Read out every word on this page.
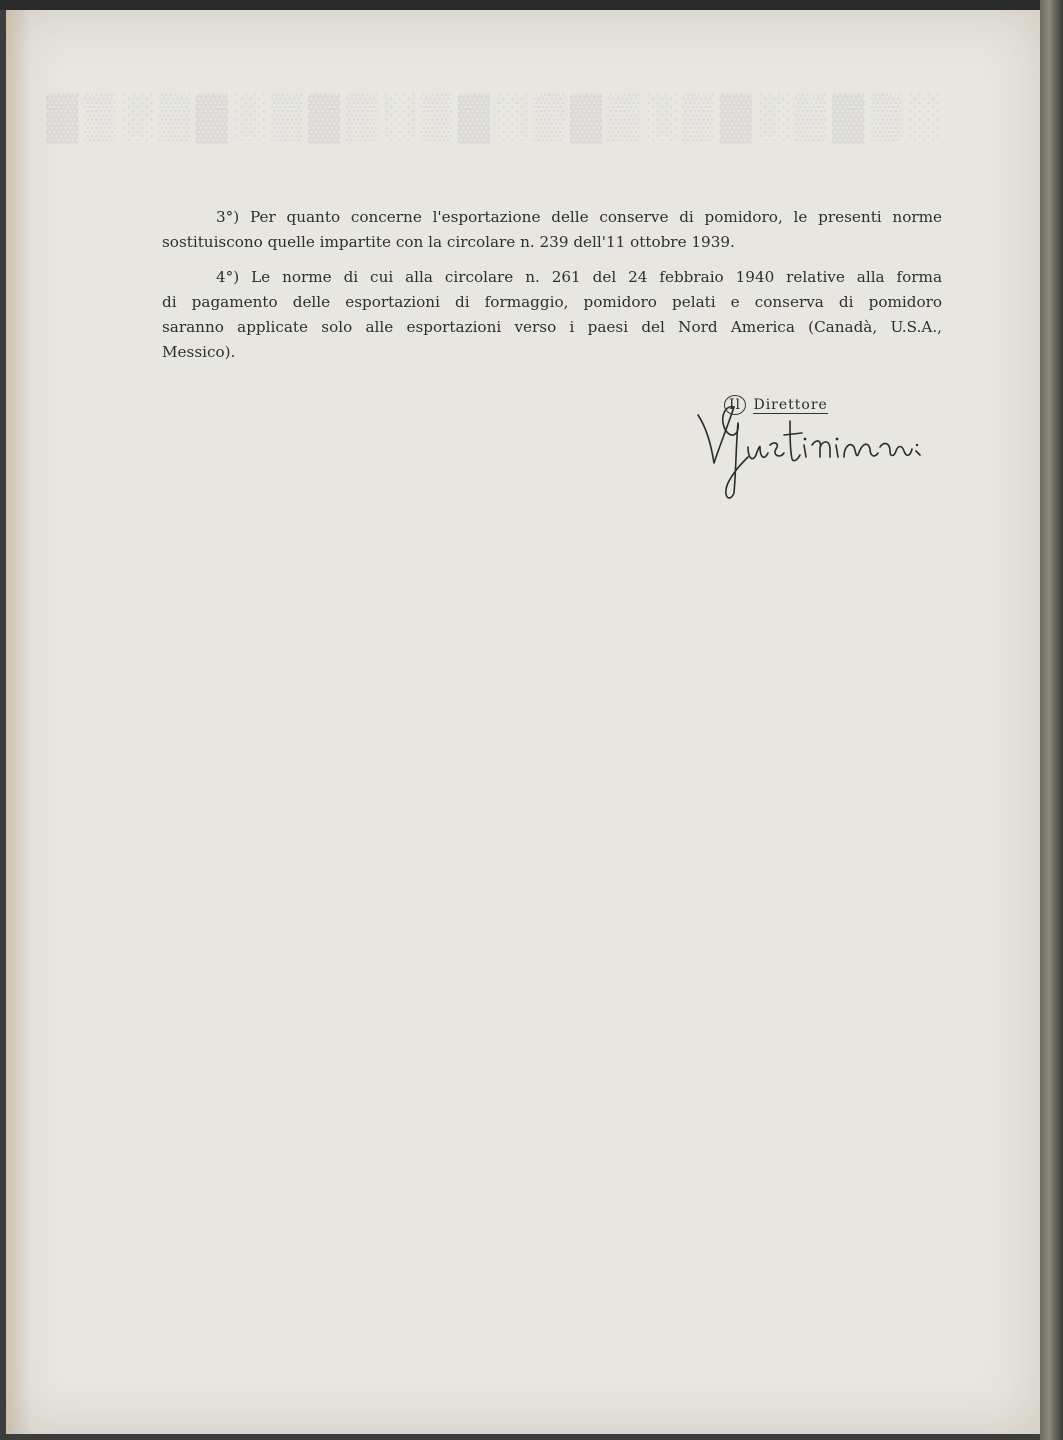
▓▒░▒▓░▒▓▒░▒▓░▒▓▒░▒▓░▒▓▒░
3°) Per quanto concerne l'esportazione delle conserve di pomidoro, le presenti norme
sostituiscono quelle impartite con la circolare n. 239 dell'11 ottobre 1939.
4°) Le norme di cui alla circolare n. 261 del 24 febbraio 1940 relative alla forma
di pagamento delle esportazioni di formaggio, pomidoro pelati e conserva di pomidoro
saranno applicate solo alle esportazioni verso i paesi del Nord America (Canadà, U.S.A.,
Messico).
Il Direttore
